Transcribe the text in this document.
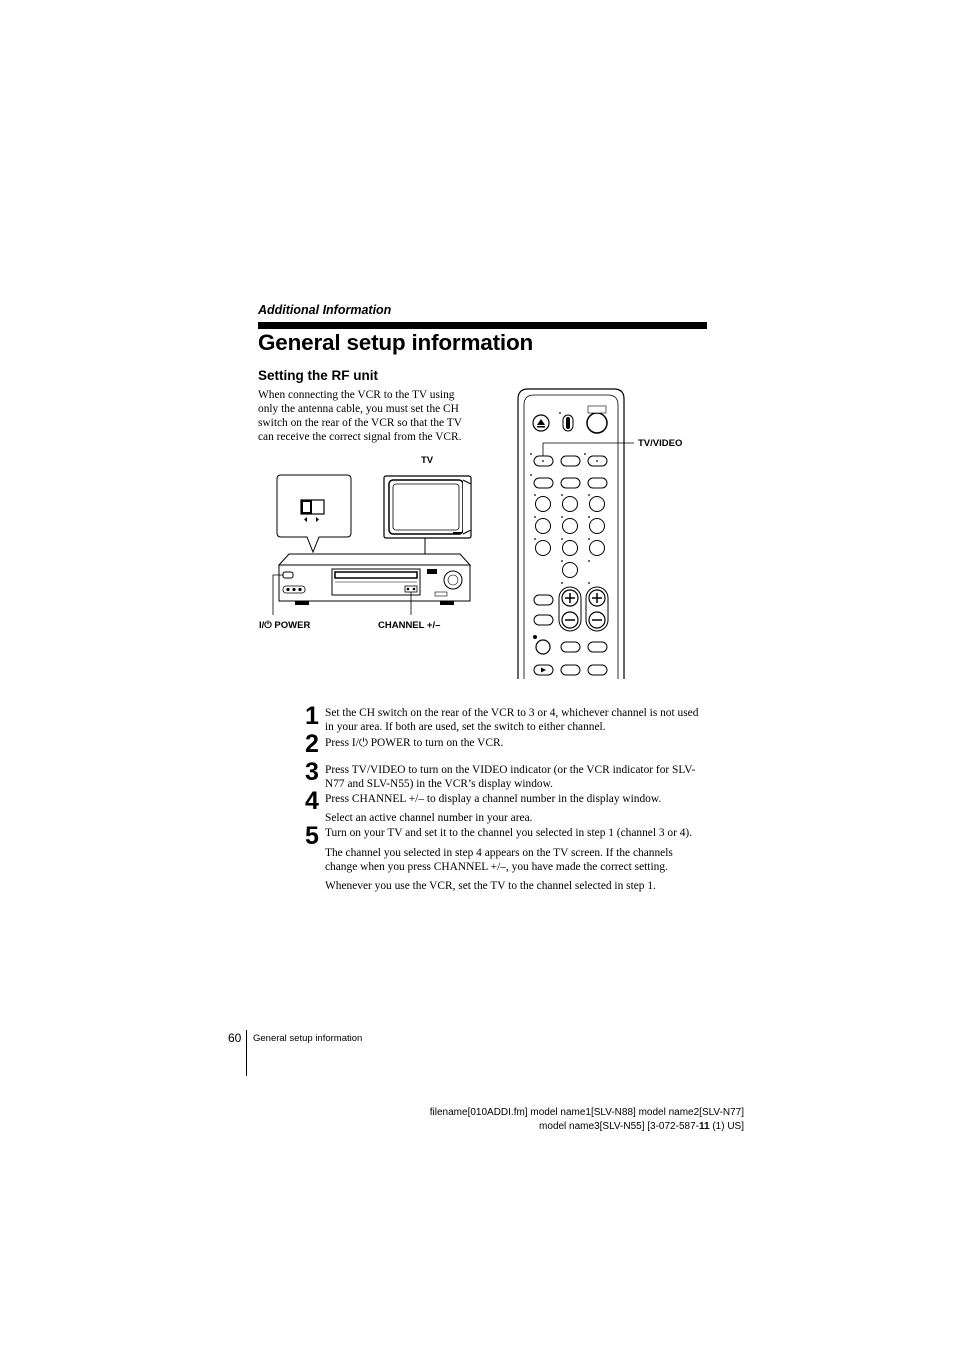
Additional Information
General setup information
Setting the RF unit
When connecting the VCR to the TV using
only the antenna cable, you must set the CH
switch on the rear of the VCR so that the TV
can receive the correct signal from the VCR.
TV
I/⏻ POWER	CHANNEL +/–
TV/VIDEO
1 Set the CH switch on the rear of the VCR to 3 or 4, whichever channel is not used
in your area. If both are used, set the switch to either channel.
2 Press I/⏻ POWER to turn on the VCR.
3 Press TV/VIDEO to turn on the VIDEO indicator (or the VCR indicator for SLV-
N77 and SLV-N55) in the VCR’s display window.
4 Press CHANNEL +/– to display a channel number in the display window.
Select an active channel number in your area.
5 Turn on your TV and set it to the channel you selected in step 1 (channel 3 or 4).
The channel you selected in step 4 appears on the TV screen. If the channels
change when you press CHANNEL +/–, you have made the correct setting.
Whenever you use the VCR, set the TV to the channel selected in step 1.
60 General setup information
filename[010ADDI.fm] model name1[SLV-N88] model name2[SLV-N77]
model name3[SLV-N55] [3-072-587-11 (1) US]
